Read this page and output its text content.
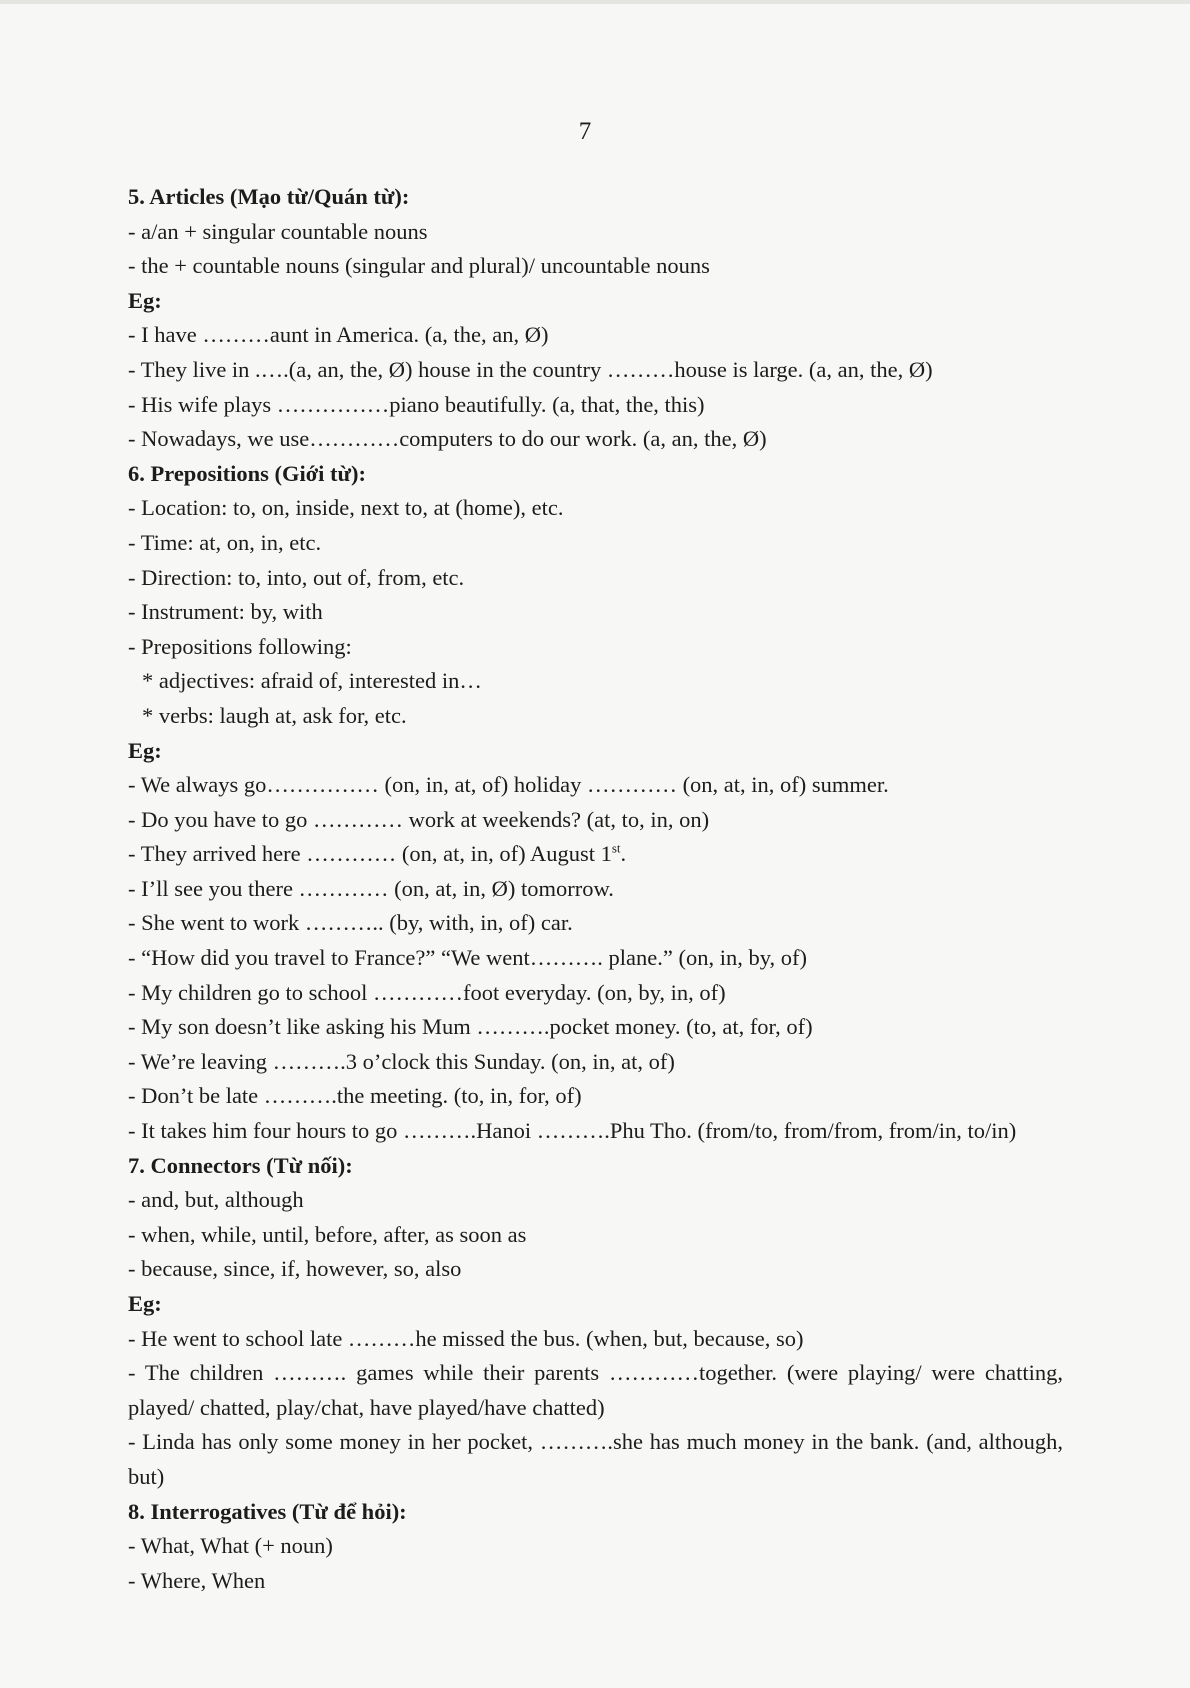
7
5. Articles (Mạo từ/Quán từ):
- a/an + singular countable nouns
- the + countable nouns (singular and plural)/ uncountable nouns
Eg:
- I have ………aunt in America. (a, the, an, Ø)
- They live in .….(a, an, the, Ø) house in the country ………house is large. (a, an, the, Ø)
- His wife plays ……………piano beautifully. (a, that, the, this)
- Nowadays, we use…………computers to do our work. (a, an, the, Ø)
6. Prepositions (Giới từ):
- Location: to, on, inside, next to, at (home), etc.
- Time: at, on, in, etc.
- Direction: to, into, out of, from, etc.
- Instrument: by, with
- Prepositions following:
* adjectives: afraid of, interested in…
* verbs: laugh at, ask for, etc.
Eg:
- We always go…………… (on, in, at, of) holiday ………… (on, at, in, of) summer.
- Do you have to go ………… work at weekends? (at, to, in, on)
- They arrived here ………… (on, at, in, of) August 1st.
- I’ll see you there ………… (on, at, in, Ø) tomorrow.
- She went to work ……….. (by, with, in, of) car.
- “How did you travel to France?” “We went………. plane.” (on, in, by, of)
- My children go to school …………foot everyday. (on, by, in, of)
- My son doesn’t like asking his Mum ……….pocket money. (to, at, for, of)
- We’re leaving ……….3 o’clock this Sunday. (on, in, at, of)
- Don’t be late ……….the meeting. (to, in, for, of)
- It takes him four hours to go ……….Hanoi ……….Phu Tho. (from/to, from/from, from/in, to/in)
7. Connectors (Từ nối):
- and, but, although
- when, while, until, before, after, as soon as
- because, since, if, however, so, also
Eg:
- He went to school late ………he missed the bus. (when, but, because, so)
- The children ………. games while their parents …………together. (were playing/ were chatting, played/ chatted, play/chat, have played/have chatted)
- Linda has only some money in her pocket, ……….she has much money in the bank. (and, although, but)
8. Interrogatives (Từ để hỏi):
- What, What (+ noun)
- Where, When
